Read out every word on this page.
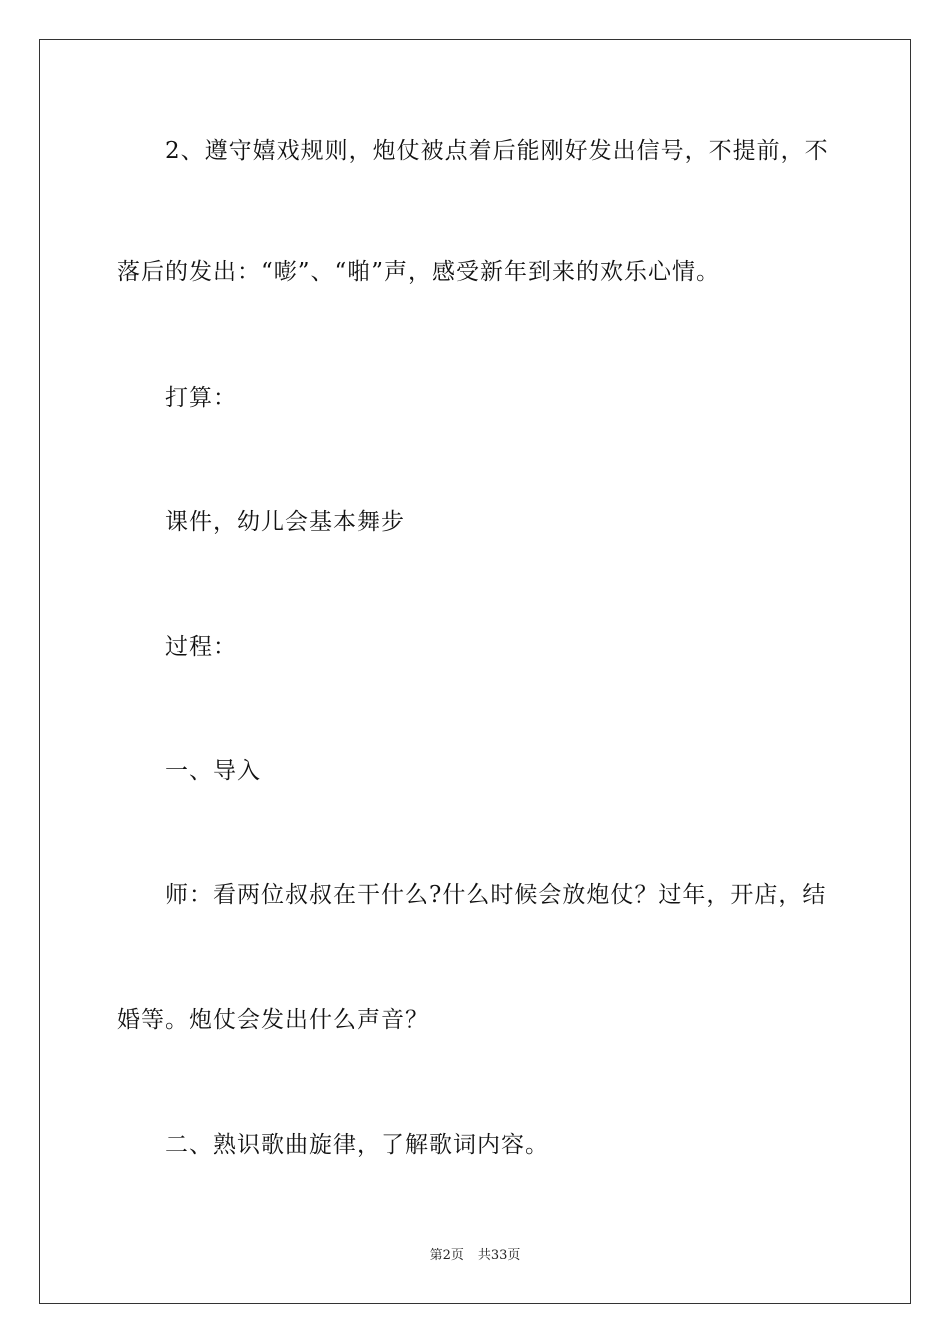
2、遵守嬉戏规则，炮仗被点着后能刚好发出信号，不提前，不
落后的发出：“嘭”、“啪”声，感受新年到来的欢乐心情。
打算：
课件，幼儿会基本舞步
过程：
一、导入
师：看两位叔叔在干什么?什么时候会放炮仗？过年，开店，结
婚等。炮仗会发出什么声音？
二、熟识歌曲旋律，了解歌词内容。
第2页 共33页
